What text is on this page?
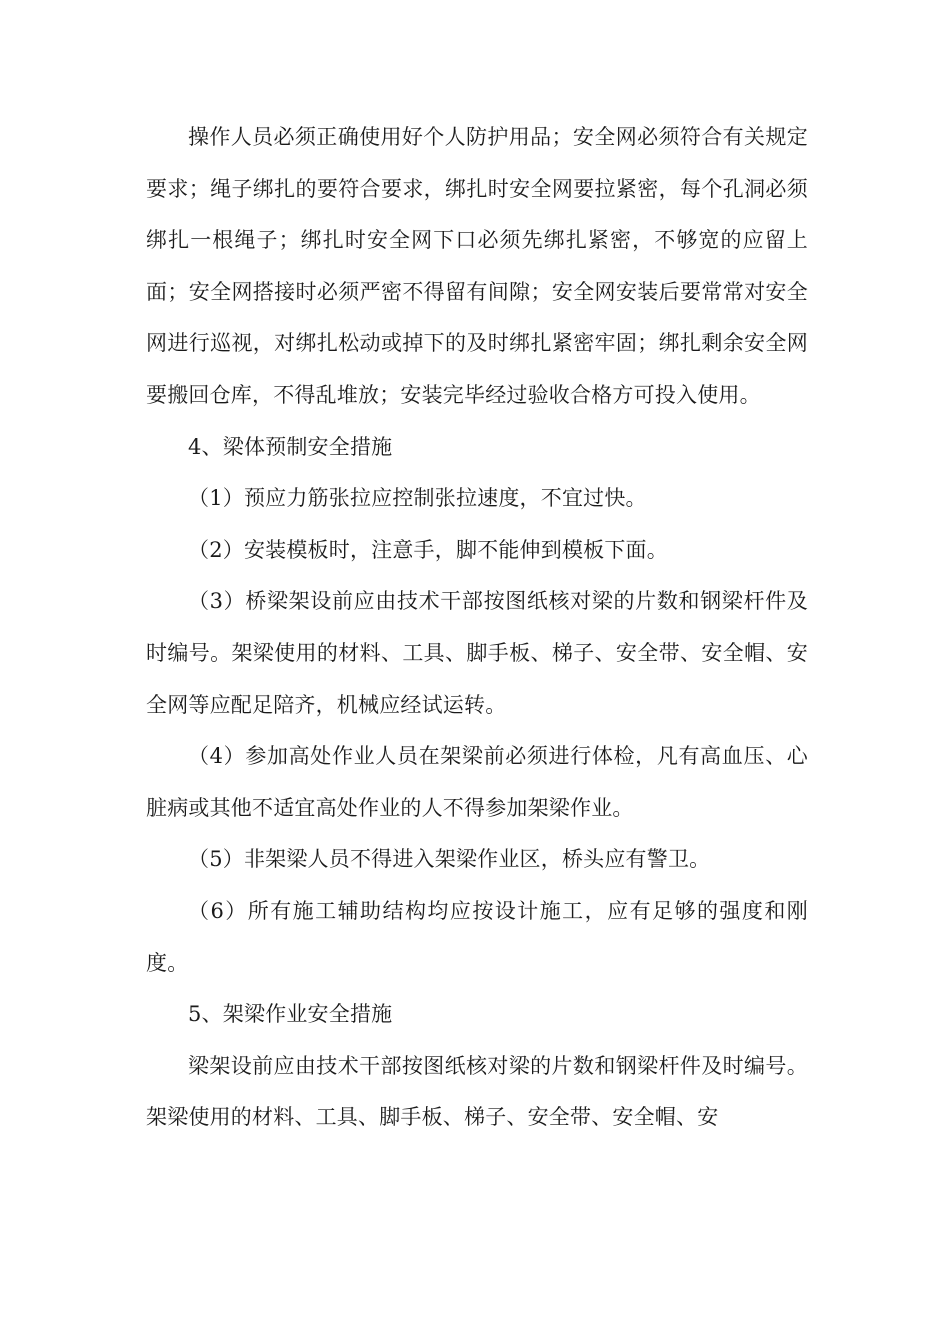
操作人员必须正确使用好个人防护用品；安全网必须符合有关规定要求；绳子绑扎的要符合要求，绑扎时安全网要拉紧密，每个孔洞必须绑扎一根绳子；绑扎时安全网下口必须先绑扎紧密，不够宽的应留上面；安全网搭接时必须严密不得留有间隙；安全网安装后要常常对安全网进行巡视，对绑扎松动或掉下的及时绑扎紧密牢固；绑扎剩余安全网要搬回仓库，不得乱堆放；安装完毕经过验收合格方可投入使用。

4、梁体预制安全措施

（1）预应力筋张拉应控制张拉速度，不宜过快。

（2）安装模板时，注意手，脚不能伸到模板下面。

（3）桥梁架设前应由技术干部按图纸核对梁的片数和钢梁杆件及时编号。架梁使用的材料、工具、脚手板、梯子、安全带、安全帽、安全网等应配足陪齐，机械应经试运转。

（4）参加高处作业人员在架梁前必须进行体检，凡有高血压、心脏病或其他不适宜高处作业的人不得参加架梁作业。

（5）非架梁人员不得进入架梁作业区，桥头应有警卫。

（6）所有施工辅助结构均应按设计施工，应有足够的强度和刚度。

5、架梁作业安全措施

梁架设前应由技术干部按图纸核对梁的片数和钢梁杆件及时编号。架梁使用的材料、工具、脚手板、梯子、安全带、安全帽、安
